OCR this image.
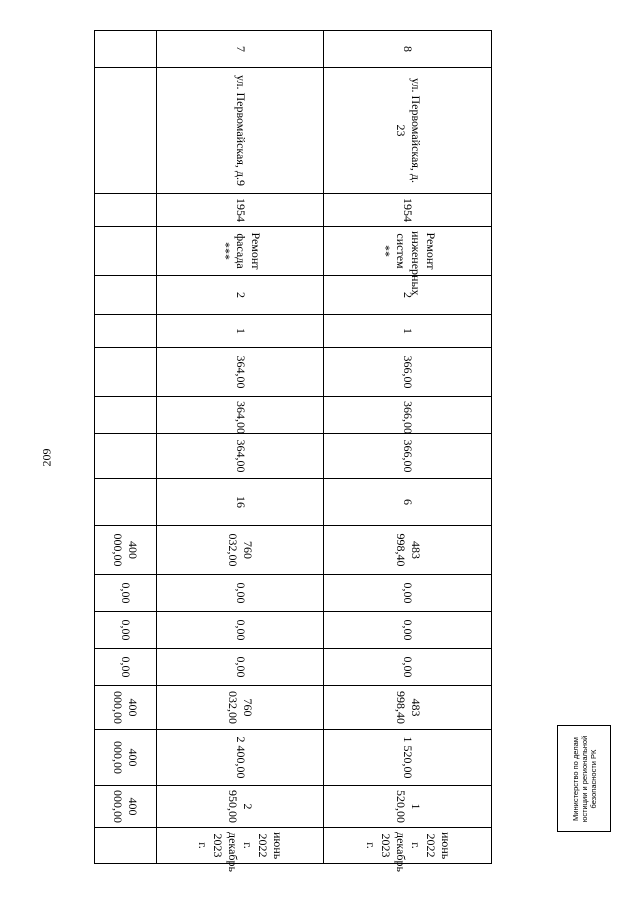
209
8	ул. Первомайская, д. 23	1954	Ремонт инженерных систем **	2	1	366,00	366,00	366,00	6	483 998,40	0,00	0,00	0,00	483 998,40	1 520,00	1 520,00	июнь 2022 г. декабрь 2023 г.
7	ул. Первомайская, д.9	1954	Ремонт фасада ***	2	1	364,00	364,00	364,00	16	760 032,00	0,00	0,00	0,00	760 032,00	2 400,00	2 950,00	июнь 2022 г. декабрь 2023 г.
										400 000,00	0,00	0,00	0,00	400 000,00	400 000,00	400 000,00		Министерство по делам юстиции и региональной безопасности РК
